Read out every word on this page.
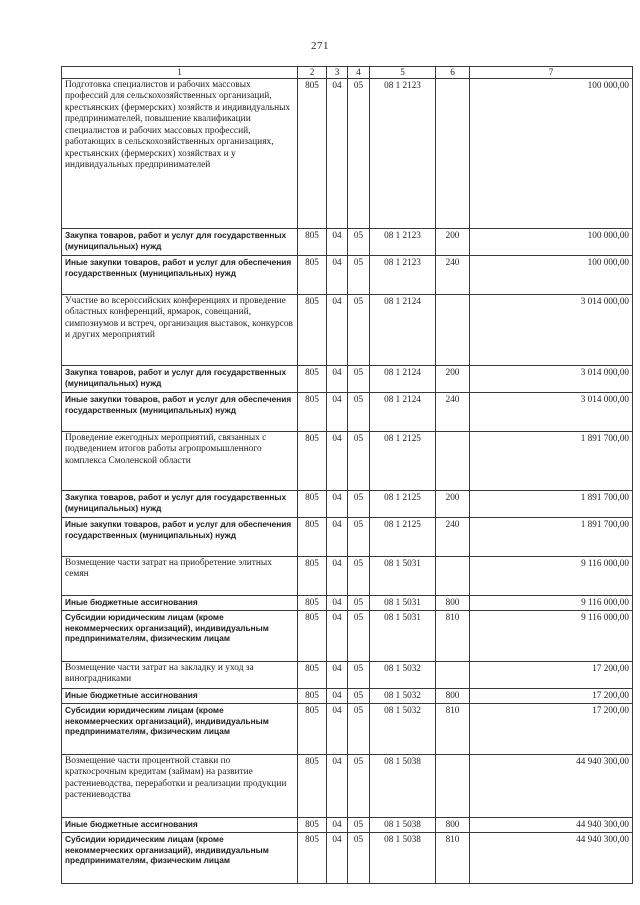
271
1	2	3	4	5	6	7
Подготовка специалистов и рабочих массовых профессий для сельскохозяйственных организаций, крестьянских (фермерских) хозяйств и индивидуальных предпринимателей, повышение квалификации специалистов и рабочих массовых профессий, работающих в сельскохозяйственных организациях, крестьянских (фермерских) хозяйствах и у индивидуальных предпринимателей	805	04	05	08 1 2123		100 000,00
Закупка товаров, работ и услуг для государственных (муниципальных) нужд	805	04	05	08 1 2123	200	100 000,00
Иные закупки товаров, работ и услуг для обеспечения государственных (муниципальных) нужд	805	04	05	08 1 2123	240	100 000,00
Участие во всероссийских конференциях и проведение областных конференций, ярмарок, совещаний, симпозиумов и встреч, организация выставок, конкурсов и других мероприятий	805	04	05	08 1 2124		3 014 000,00
Закупка товаров, работ и услуг для государственных (муниципальных) нужд	805	04	05	08 1 2124	200	3 014 000,00
Иные закупки товаров, работ и услуг для обеспечения государственных (муниципальных) нужд	805	04	05	08 1 2124	240	3 014 000,00
Проведение ежегодных мероприятий, связанных с подведением итогов работы агропромышленного комплекса Смоленской области	805	04	05	08 1 2125		1 891 700,00
Закупка товаров, работ и услуг для государственных (муниципальных) нужд	805	04	05	08 1 2125	200	1 891 700,00
Иные закупки товаров, работ и услуг для обеспечения государственных (муниципальных) нужд	805	04	05	08 1 2125	240	1 891 700,00
Возмещение части затрат на приобретение элитных семян	805	04	05	08 1 5031		9 116 000,00
Иные бюджетные ассигнования	805	04	05	08 1 5031	800	9 116 000,00
Субсидии юридическим лицам (кроме некоммерческих организаций), индивидуальным предпринимателям, физическим лицам	805	04	05	08 1 5031	810	9 116 000,00
Возмещение части затрат на закладку и уход за виноградниками	805	04	05	08 1 5032		17 200,00
Иные бюджетные ассигнования	805	04	05	08 1 5032	800	17 200,00
Субсидии юридическим лицам (кроме некоммерческих организаций), индивидуальным предпринимателям, физическим лицам	805	04	05	08 1 5032	810	17 200,00
Возмещение части процентной ставки по краткосрочным кредитам (займам) на развитие растениеводства, переработки и реализации продукции растениеводства	805	04	05	08 1 5038		44 940 300,00
Иные бюджетные ассигнования	805	04	05	08 1 5038	800	44 940 300,00
Субсидии юридическим лицам (кроме некоммерческих организаций), индивидуальным предпринимателям, физическим лицам	805	04	05	08 1 5038	810	44 940 300,00
